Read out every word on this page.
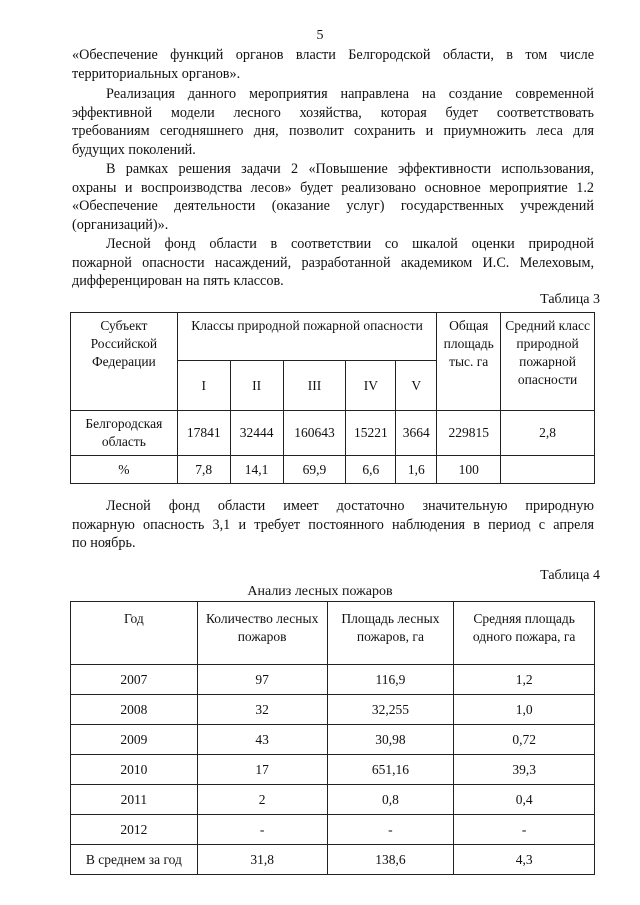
5
«Обеспечение функций органов власти Белгородской области, в том числе
территориальных органов».
Реализация данного мероприятия направлена на создание современной
эффективной модели лесного хозяйства, которая будет соответствовать
требованиям сегодняшнего дня, позволит сохранить и приумножить леса для
будущих поколений.
В рамках решения задачи 2 «Повышение эффективности использования,
охраны и воспроизводства лесов» будет реализовано основное мероприятие 1.2
«Обеспечение деятельности (оказание услуг) государственных учреждений
(организаций)».
Лесной фонд области в соответствии со шкалой оценки природной
пожарной опасности насаждений, разработанной академиком И.С. Мелеховым,
дифференцирован на пять классов.
Таблица 3
Субъект Российской Федерации	Классы природной пожарной опасности					Общая площадь тыс. га	Средний класс природной пожарной опасности
	I	II	III	IV	V		
Белгородская область	17841	32444	160643	15221	3664	229815	2,8
%	7,8	14,1	69,9	6,6	1,6	100	
Лесной фонд области имеет достаточно значительную природную
пожарную опасность 3,1 и требует постоянного наблюдения в период с апреля
по ноябрь.
Таблица 4
Анализ лесных пожаров
Год	Количество лесных пожаров	Площадь лесных пожаров, га	Средняя площадь одного пожара, га
2007	97	116,9	1,2
2008	32	32,255	1,0
2009	43	30,98	0,72
2010	17	651,16	39,3
2011	2	0,8	0,4
2012	-	-	-
В среднем за год	31,8	138,6	4,3
